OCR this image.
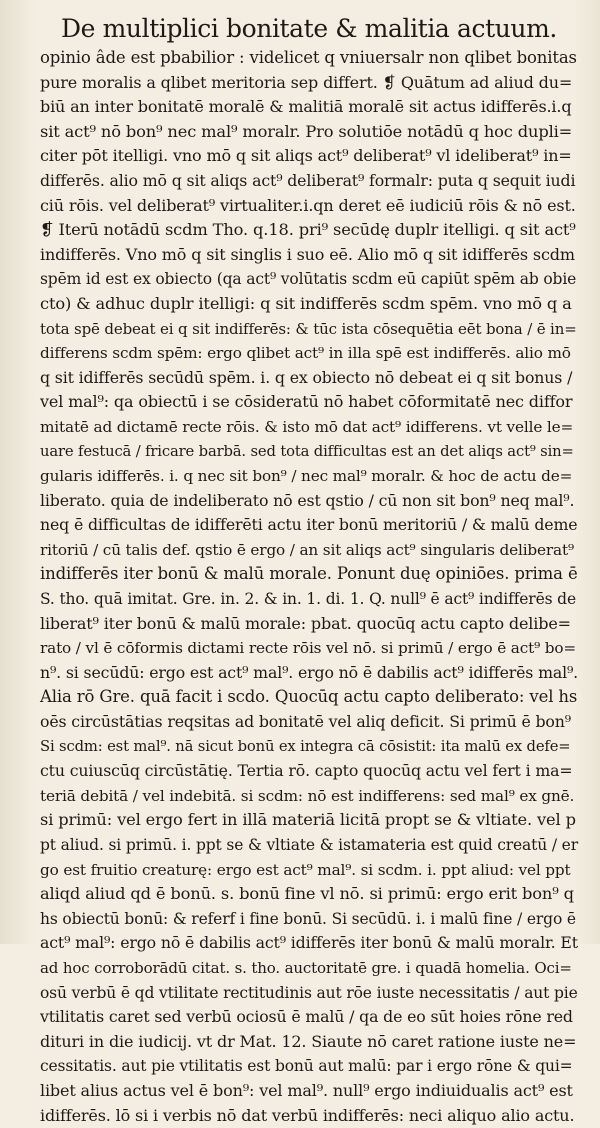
De multiplici bonitate & malitia actuum.
opinio âde est pbabilior : videlicet q vniuersalr non qlibet bonitas
pure moralis a qlibet meritoria sep differt. ❡ Quātum ad aliud du=
biū an inter bonitatē moralē & malitiā moralē sit actus idifferēs.i.q
sit act⁹ nō bon⁹ nec mal⁹ moralr. Pro solutiōe notādū q hoc dupli=
citer pōt itelligi. vno mō q sit aliqs act⁹ deliberat⁹ vl ideliberat⁹ in=
differēs. alio mō q sit aliqs act⁹ deliberat⁹ formalr: puta q sequit iudi
ciū rōis. vel deliberat⁹ virtualiter.i.qn deret eē iudiciū rōis & nō est.
❡ Iterū notādū scdm Tho. q.18. pri⁹ secūdę duplr itelligi. q sit act⁹
indifferēs. Vno mō q sit singlis i suo eē. Alio mō q sit idifferēs scdm
spēm id est ex obiecto (qa act⁹ volūtatis scdm eū capiūt spēm ab obie
cto) & adhuc duplr itelligi: q sit indifferēs scdm spēm. vno mō q a
tota spē debeat ei q sit indifferēs: & tūc ista cōsequētia eēt bona / ē in=
differens scdm spēm: ergo qlibet act⁹ in illa spē est indifferēs. alio mō
q sit idifferēs secūdū spēm. i. q ex obiecto nō debeat ei q sit bonus /
vel mal⁹: qa obiectū i se cōsideratū nō habet cōformitatē nec diffor
mitatē ad dictamē recte rōis. & isto mō dat act⁹ idifferens. vt velle le=
uare festucā / fricare barbā. sed tota difficultas est an det aliqs act⁹ sin=
gularis idifferēs. i. q nec sit bon⁹ / nec mal⁹ moralr. & hoc de actu de=
liberato. quia de indeliberato nō est qstio / cū non sit bon⁹ neq mal⁹.
neq ē difficultas de idifferēti actu iter bonū meritoriū / & malū deme
ritoriū / cū talis def. qstio ē ergo / an sit aliqs act⁹ singularis deliberat⁹
indifferēs iter bonū & malū morale. Ponunt duę opiniōes. prima ē
S. tho. quā imitat. Gre. in. 2. & in. 1. di. 1. Q. null⁹ ē act⁹ indifferēs de
liberat⁹ iter bonū & malū morale: pbat. quocūq actu capto delibe=
rato / vl ē cōformis dictami recte rōis vel nō. si primū / ergo ē act⁹ bo=
n⁹. si secūdū: ergo est act⁹ mal⁹. ergo nō ē dabilis act⁹ idifferēs mal⁹.
Alia rō Gre. quā facit i scdo. Quocūq actu capto deliberato: vel hs
oēs circūstātias reqsitas ad bonitatē vel aliq deficit. Si primū ē bon⁹
Si scdm: est mal⁹. nā sicut bonū ex integra cā cōsistit: ita malū ex defe=
ctu cuiuscūq circūstātię. Tertia rō. capto quocūq actu vel fert i ma=
teriā debitā / vel indebitā. si scdm: nō est indifferens: sed mal⁹ ex gnē.
si primū: vel ergo fert in illā materiā licitā propt se & vltiate. vel p
pt aliud. si primū. i. ppt se & vltiate & istamateria est quid creatū / er
go est fruitio creaturę: ergo est act⁹ mal⁹. si scdm. i. ppt aliud: vel ppt
aliqd aliud qd ē bonū. s. bonū fine vl nō. si primū: ergo erit bon⁹ q
hs obiectū bonū: & referf i fine bonū. Si secūdū. i. i malū fine / ergo ē
act⁹ mal⁹: ergo nō ē dabilis act⁹ idifferēs iter bonū & malū moralr. Et
ad hoc corroborādū citat. s. tho. auctoritatē gre. i quadā homelia. Oci=
osū verbū ē qd vtilitate rectitudinis aut rōe iuste necessitatis / aut pie
vtilitatis caret sed verbū ociosū ē malū / qa de eo sūt hoies rōne red
dituri in die iudicij. vt dr Mat. 12. Siaute nō caret ratione iuste ne=
cessitatis. aut pie vtilitatis est bonū aut malū: par i ergo rōne & qui=
libet alius actus vel ē bon⁹: vel mal⁹. null⁹ ergo indiuidualis act⁹ est
idifferēs. lō si i verbis nō dat verbū indifferēs: neci aliquo alio actu.
